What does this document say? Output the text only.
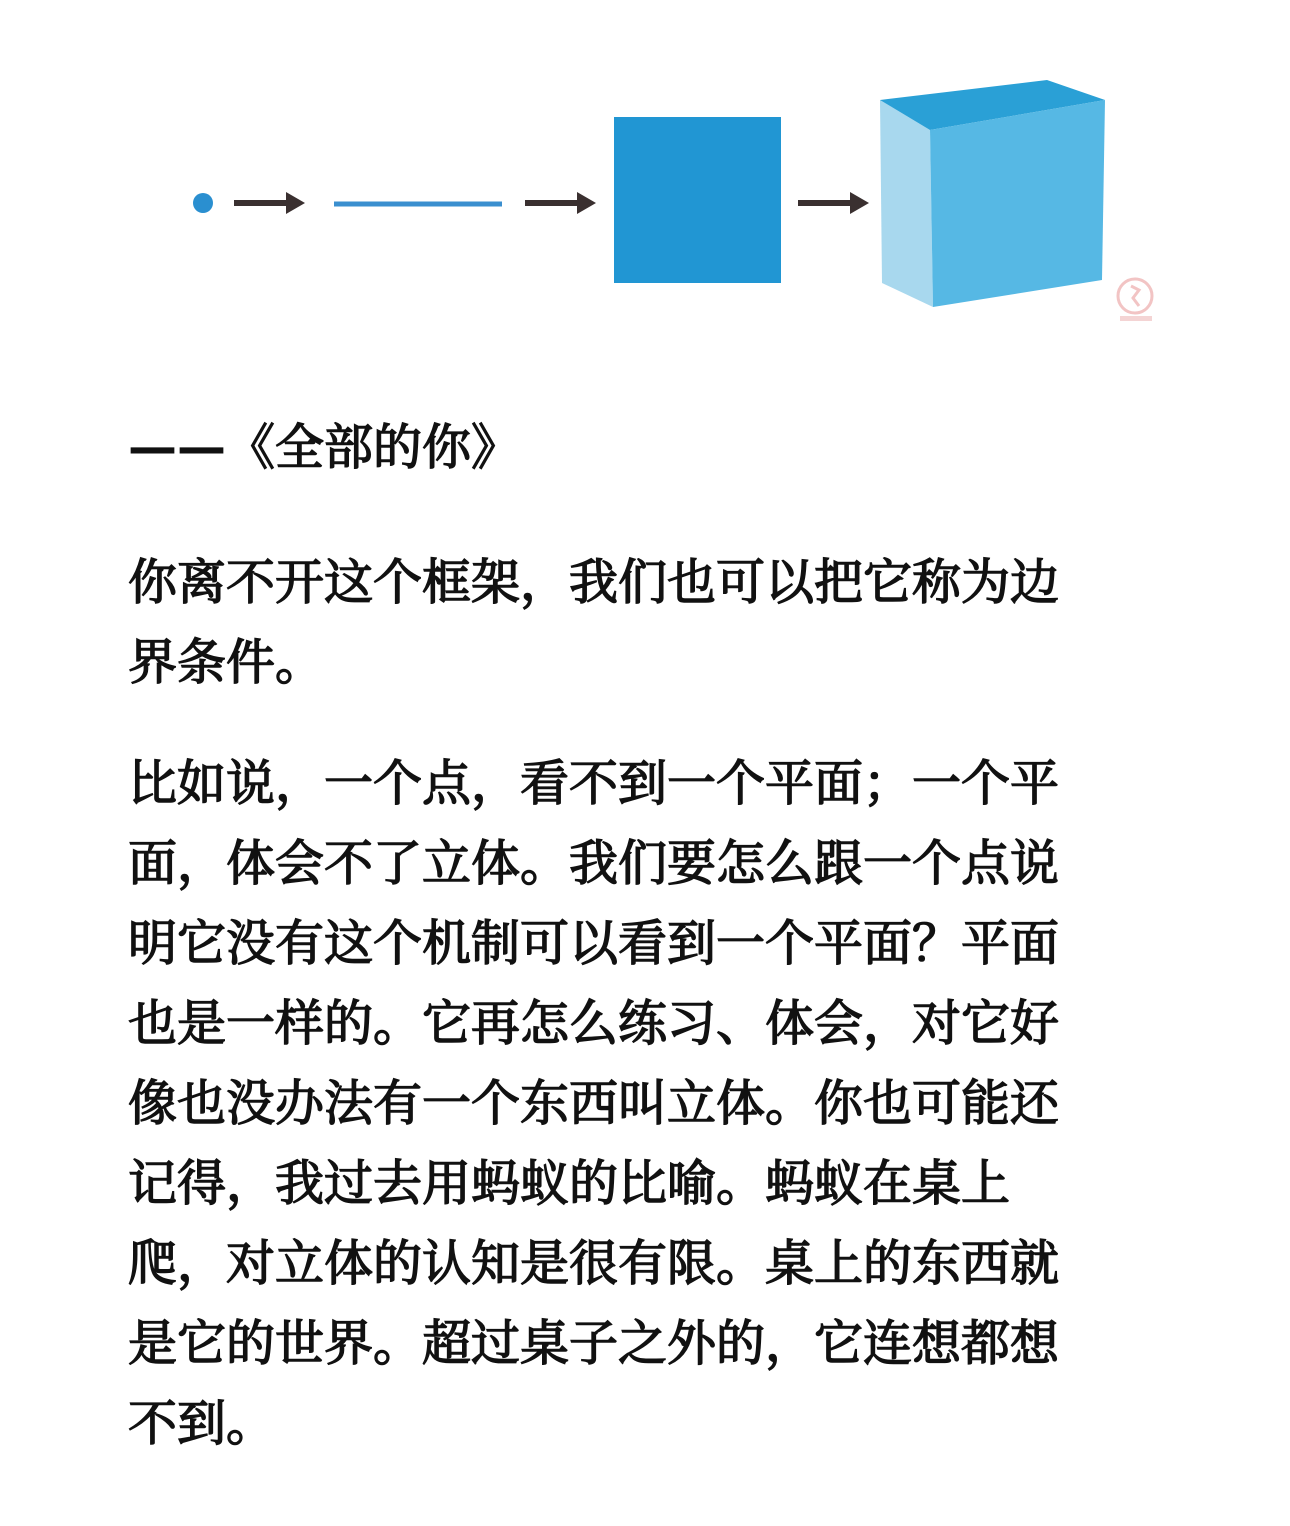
——《全部的你》
你离不开这个框架，我们也可以把它称为边
界条件。
比如说，一个点，看不到一个平面；一个平
面，体会不了立体。我们要怎么跟一个点说
明它没有这个机制可以看到一个平面？平面
也是一样的。它再怎么练习、体会，对它好
像也没办法有一个东西叫立体。你也可能还
记得，我过去用蚂蚁的比喻。蚂蚁在桌上
爬，对立体的认知是很有限。桌上的东西就
是它的世界。超过桌子之外的，它连想都想
不到。
